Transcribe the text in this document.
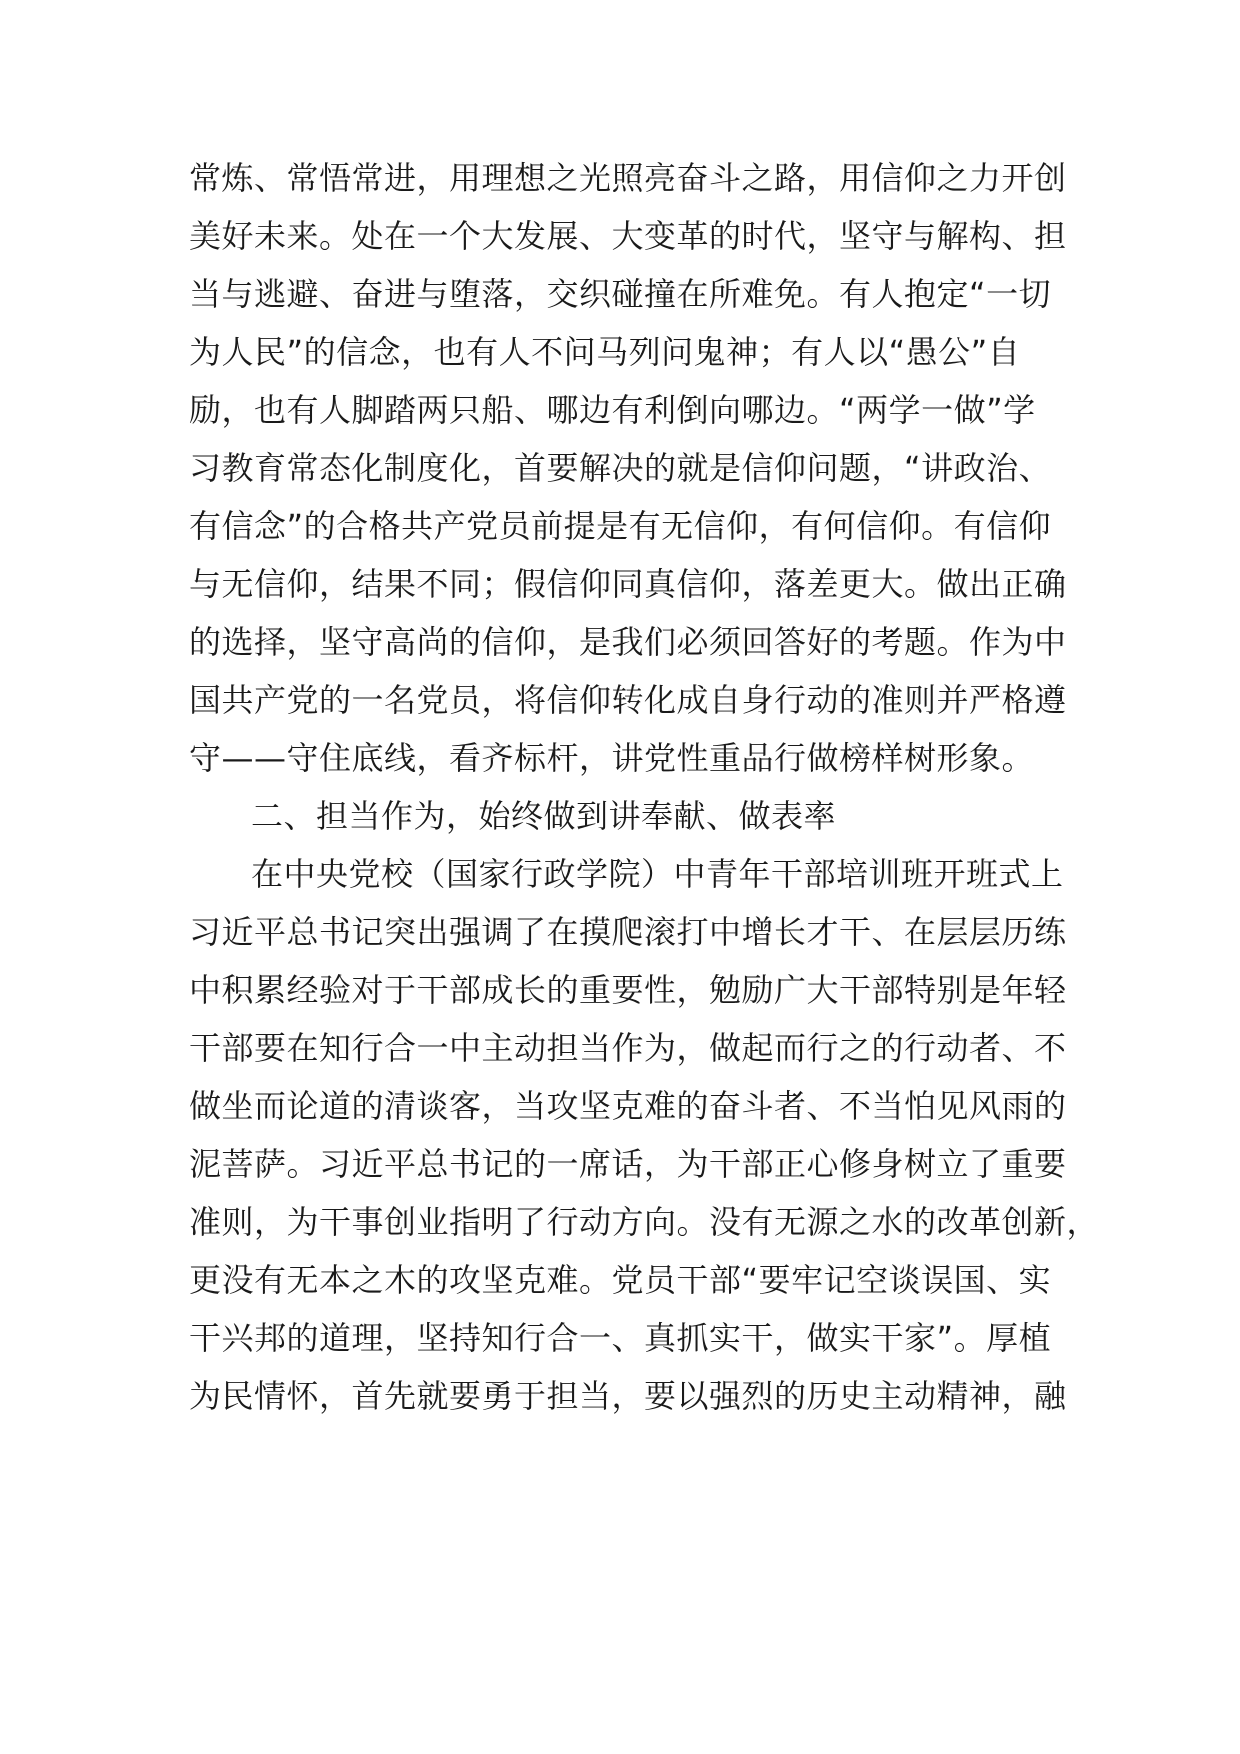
常炼、常悟常进，用理想之光照亮奋斗之路，用信仰之力开创
美好未来。处在一个大发展、大变革的时代，坚守与解构、担
当与逃避、奋进与堕落，交织碰撞在所难免。有人抱定“一切
为人民”的信念，也有人不问马列问鬼神；有人以“愚公”自
励，也有人脚踏两只船、哪边有利倒向哪边。“两学一做”学
习教育常态化制度化，首要解决的就是信仰问题，“讲政治、
有信念”的合格共产党员前提是有无信仰，有何信仰。有信仰
与无信仰，结果不同；假信仰同真信仰，落差更大。做出正确
的选择，坚守高尚的信仰，是我们必须回答好的考题。作为中
国共产党的一名党员，将信仰转化成自身行动的准则并严格遵
守——守住底线，看齐标杆，讲党性重品行做榜样树形象。
二、担当作为，始终做到讲奉献、做表率
在中央党校（国家行政学院）中青年干部培训班开班式上
习近平总书记突出强调了在摸爬滚打中增长才干、在层层历练
中积累经验对于干部成长的重要性，勉励广大干部特别是年轻
干部要在知行合一中主动担当作为，做起而行之的行动者、不
做坐而论道的清谈客，当攻坚克难的奋斗者、不当怕见风雨的
泥菩萨。习近平总书记的一席话，为干部正心修身树立了重要
准则，为干事创业指明了行动方向。没有无源之水的改革创新，
更没有无本之木的攻坚克难。党员干部“要牢记空谈误国、实
干兴邦的道理，坚持知行合一、真抓实干，做实干家”。厚植
为民情怀，首先就要勇于担当，要以强烈的历史主动精神，融
